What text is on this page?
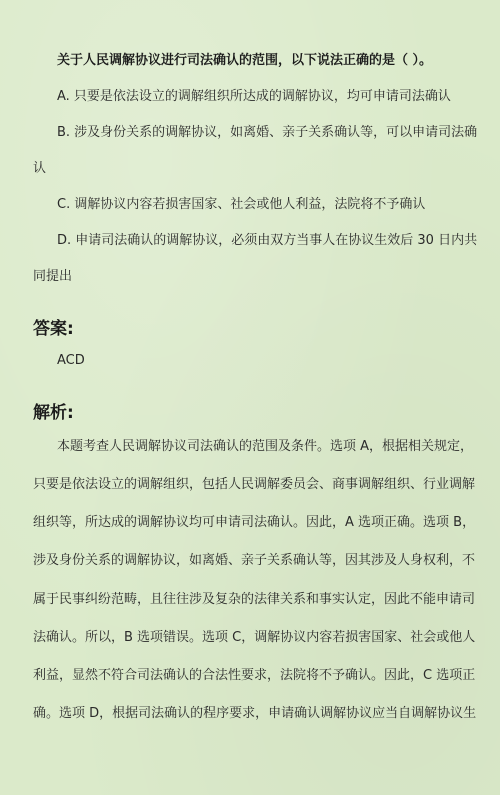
关于人民调解协议进行司法确认的范围，以下说法正确的是（ ）。
A. 只要是依法设立的调解组织所达成的调解协议，均可申请司法确认
B. 涉及身份关系的调解协议，如离婚、亲子关系确认等，可以申请司法确
认
C. 调解协议内容若损害国家、社会或他人利益，法院将不予确认
D. 申请司法确认的调解协议，必须由双方当事人在协议生效后 30 日内共
同提出
答案:
ACD
解析:
本题考查人民调解协议司法确认的范围及条件。选项 A，根据相关规定，
只要是依法设立的调解组织，包括人民调解委员会、商事调解组织、行业调解
组织等，所达成的调解协议均可申请司法确认。因此，A 选项正确。选项 B，
涉及身份关系的调解协议，如离婚、亲子关系确认等，因其涉及人身权利，不
属于民事纠纷范畴，且往往涉及复杂的法律关系和事实认定，因此不能申请司
法确认。所以，B 选项错误。选项 C，调解协议内容若损害国家、社会或他人
利益，显然不符合司法确认的合法性要求，法院将不予确认。因此，C 选项正
确。选项 D，根据司法确认的程序要求，申请确认调解协议应当自调解协议生
